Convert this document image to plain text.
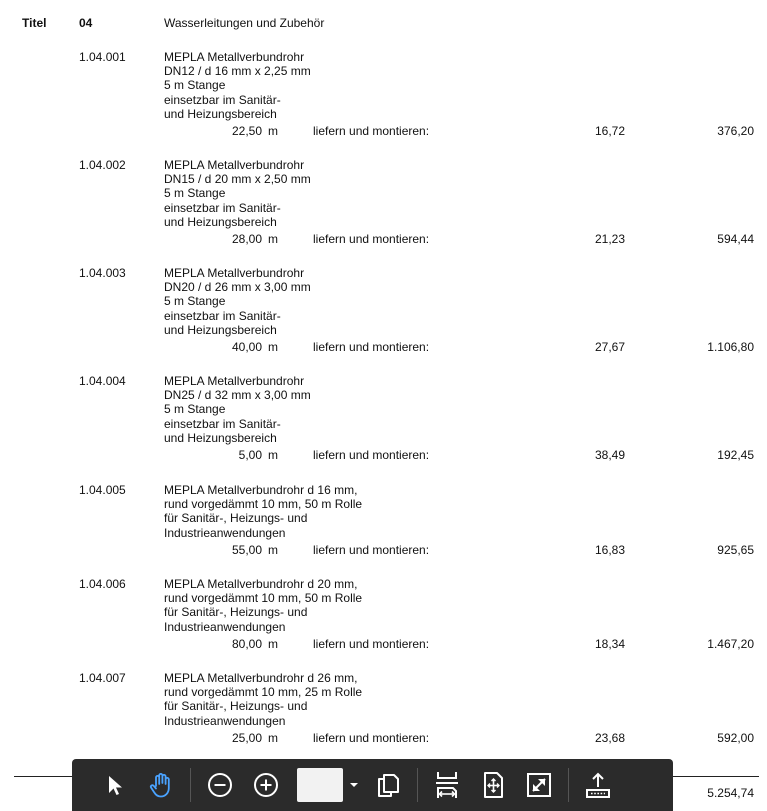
Titel	04	Wasserleitungen und Zubehör
1.04.001	MEPLA Metallverbundrohr
DN12 / d 16 mm x 2,25 mm
5 m Stange
einsetzbar im Sanitär-
und Heizungsbereich
22,50 m	liefern und montieren:	16,72	376,20
1.04.002	MEPLA Metallverbundrohr
DN15 / d 20 mm x 2,50 mm
5 m Stange
einsetzbar im Sanitär-
und Heizungsbereich
28,00 m	liefern und montieren:	21,23	594,44
1.04.003	MEPLA Metallverbundrohr
DN20 / d 26 mm x 3,00 mm
5 m Stange
einsetzbar im Sanitär-
und Heizungsbereich
40,00 m	liefern und montieren:	27,67	1.106,80
1.04.004	MEPLA Metallverbundrohr
DN25 / d 32 mm x 3,00 mm
5 m Stange
einsetzbar im Sanitär-
und Heizungsbereich
5,00 m	liefern und montieren:	38,49	192,45
1.04.005	MEPLA Metallverbundrohr d 16 mm,
rund vorgedämmt 10 mm, 50 m Rolle
für Sanitär-, Heizungs- und
Industrieanwendungen
55,00 m	liefern und montieren:	16,83	925,65
1.04.006	MEPLA Metallverbundrohr d 20 mm,
rund vorgedämmt 10 mm, 50 m Rolle
für Sanitär-, Heizungs- und
Industrieanwendungen
80,00 m	liefern und montieren:	18,34	1.467,20
1.04.007	MEPLA Metallverbundrohr d 26 mm,
rund vorgedämmt 10 mm, 25 m Rolle
für Sanitär-, Heizungs- und
Industrieanwendungen
25,00 m	liefern und montieren:	23,68	592,00
5.254,74
